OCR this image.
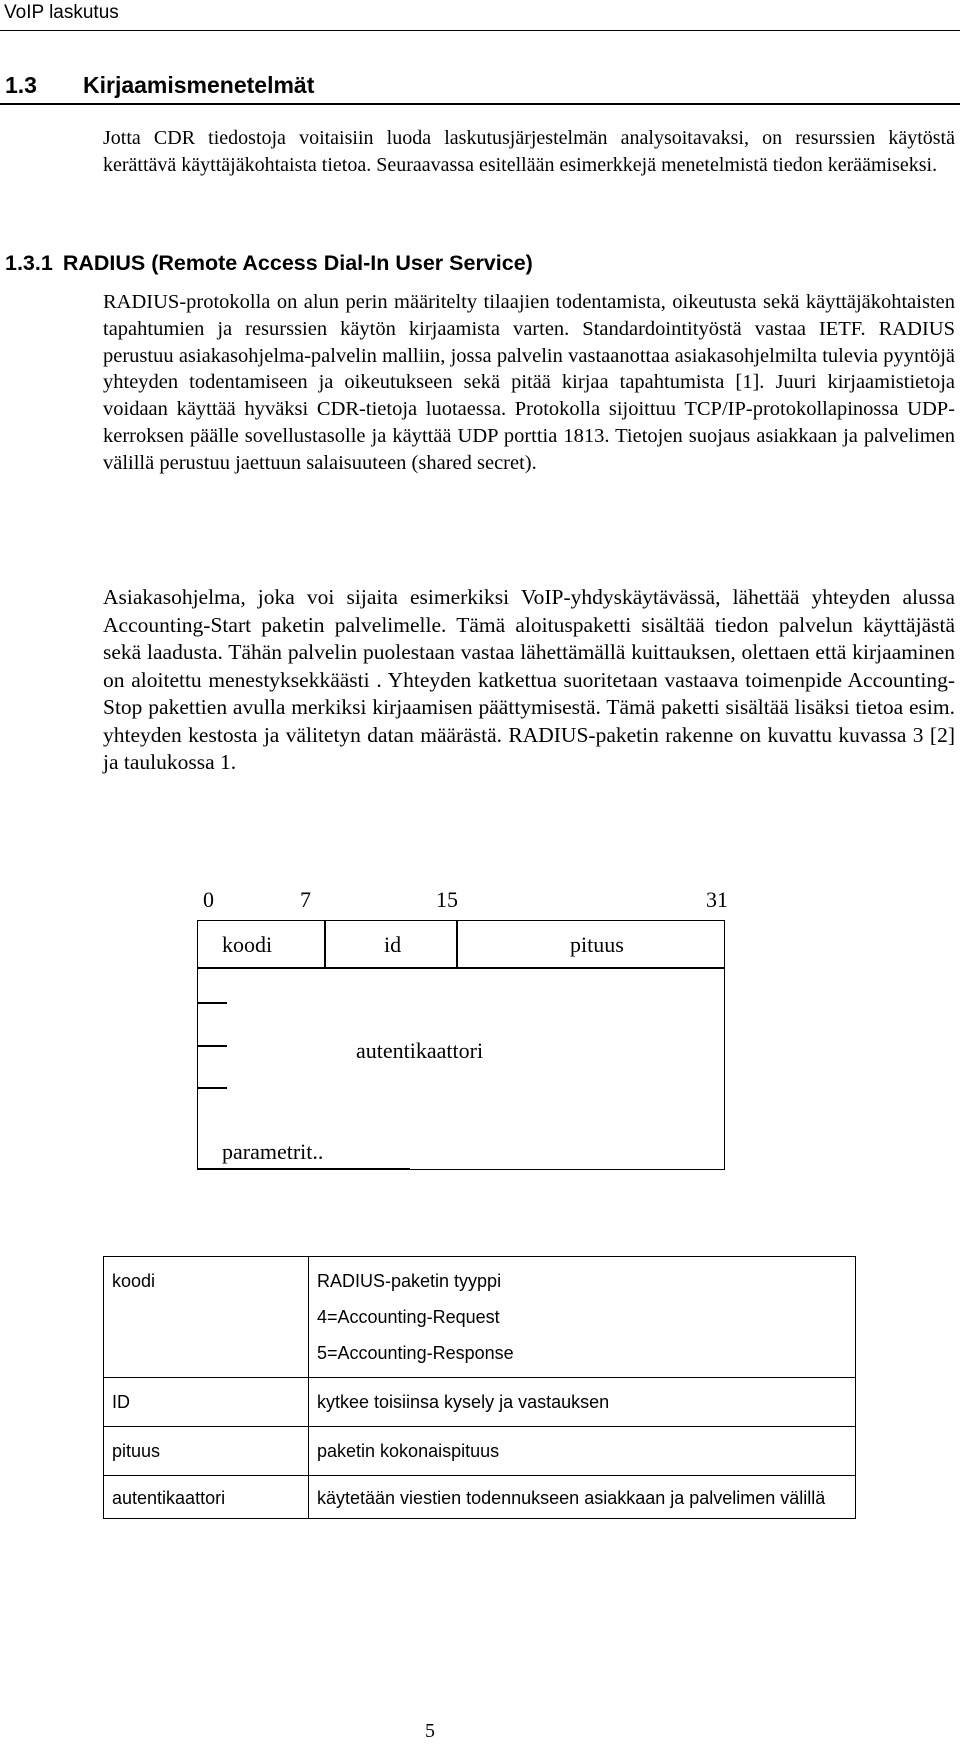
VoIP laskutus
1.3 Kirjaamismenetelmät
Jotta CDR tiedostoja voitaisiin luoda laskutusjärjestelmän analysoitavaksi, on resurssien käytöstä kerättävä käyttäjäkohtaista tietoa. Seuraavassa esitellään esimerkkejä menetelmistä tiedon keräämiseksi.
1.3.1 RADIUS (Remote Access Dial-In User Service)
RADIUS-protokolla on alun perin määritelty tilaajien todentamista, oikeutusta sekä käyttäjäkohtaisten tapahtumien ja resurssien käytön kirjaamista varten. Standardointityöstä vastaa IETF. RADIUS perustuu asiakasohjelma-palvelin malliin, jossa palvelin vastaanottaa asiakasohjelmilta tulevia pyyntöjä yhteyden todentamiseen ja oikeutukseen sekä pitää kirjaa tapahtumista [1]. Juuri kirjaamistietoja voidaan käyttää hyväksi CDR-tietoja luotaessa. Protokolla sijoittuu TCP/IP-protokollapinossa UDP-kerroksen päälle sovellustasolle ja käyttää UDP porttia 1813. Tietojen suojaus asiakkaan ja palvelimen välillä perustuu jaettuun salaisuuteen (shared secret).
Asiakasohjelma, joka voi sijaita esimerkiksi VoIP-yhdyskäytävässä, lähettää yhteyden alussa Accounting-Start paketin palvelimelle. Tämä aloituspaketti sisältää tiedon palvelun käyttäjästä sekä laadusta. Tähän palvelin puolestaan vastaa lähettämällä kuittauksen, olettaen että kirjaaminen on aloitettu menestyksekkäästi . Yhteyden katkettua suoritetaan vastaava toimenpide Accounting-Stop pakettien avulla merkiksi kirjaamisen päättymisestä. Tämä paketti sisältää lisäksi tietoa esim. yhteyden kestosta ja välitetyn datan määrästä. RADIUS-paketin rakenne on kuvattu kuvassa 3 [2] ja taulukossa 1.
0	7	15	31
koodi	id	pituus
autentikaattori
parametrit..
koodi	RADIUS-paketin tyyppi
4=Accounting-Request
5=Accounting-Response

ID	kytkee toisiinsa kysely ja vastauksen
pituus	paketin kokonaispituus
autentikaattori	käytetään viestien todennukseen asiakkaan ja palvelimen välillä
5
